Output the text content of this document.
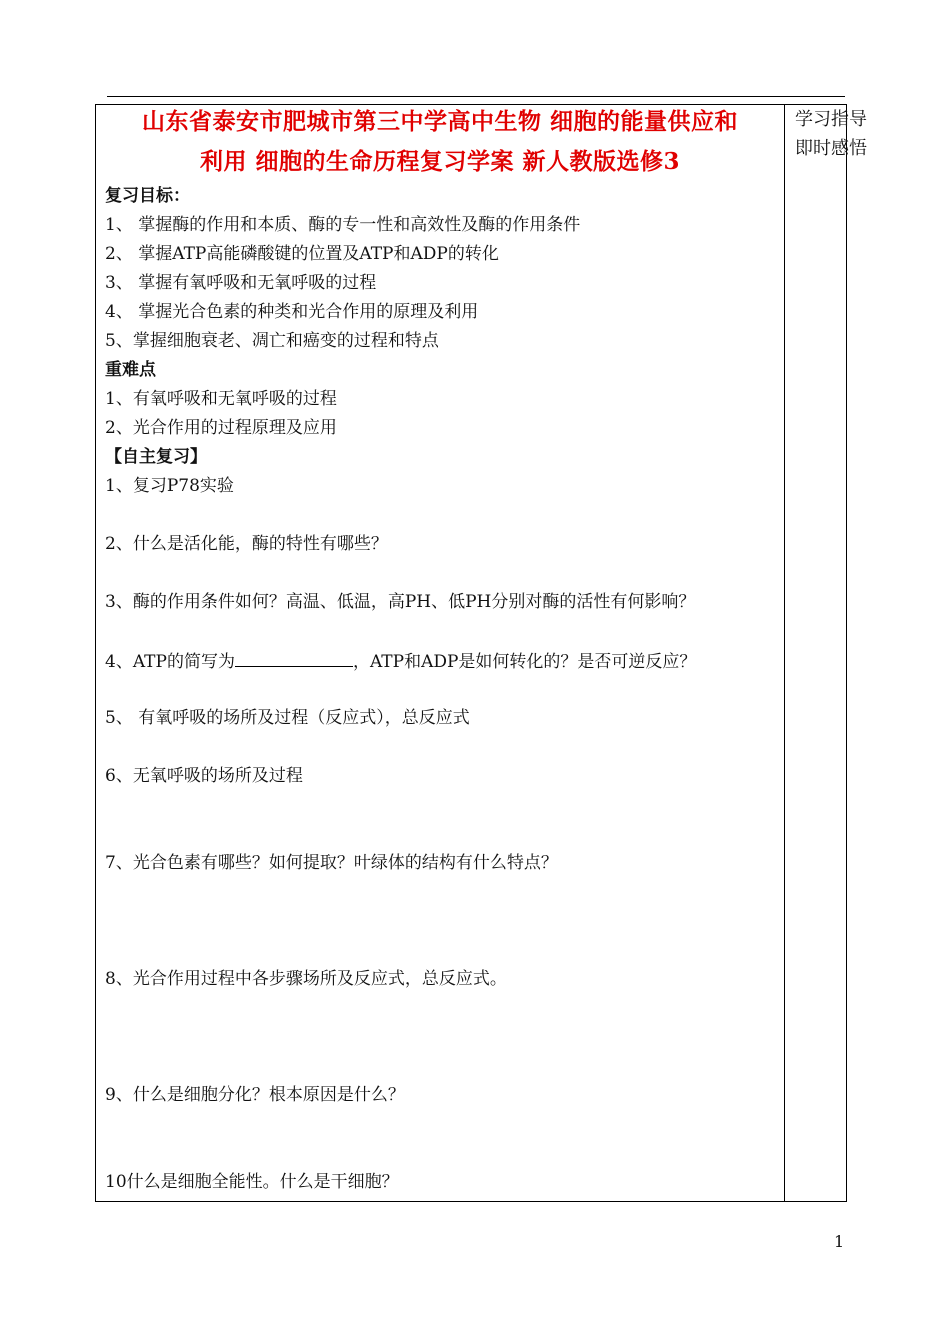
学习指导
即时感悟
山东省泰安市肥城市第三中学高中生物 细胞的能量供应和
利用 细胞的生命历程复习学案 新人教版选修3
复习目标：
1、 掌握酶的作用和本质、酶的专一性和高效性及酶的作用条件
2、 掌握ATP高能磷酸键的位置及ATP和ADP的转化
3、 掌握有氧呼吸和无氧呼吸的过程
4、 掌握光合色素的种类和光合作用的原理及利用
5、掌握细胞衰老、凋亡和癌变的过程和特点
重难点
1、有氧呼吸和无氧呼吸的过程
2、光合作用的过程原理及应用
【自主复习】
1、复习P78实验
2、什么是活化能，酶的特性有哪些？
3、酶的作用条件如何？高温、低温，高PH、低PH分别对酶的活性有何影响？
4、ATP的简写为	，ATP和ADP是如何转化的？是否可逆反应？
5、 有氧呼吸的场所及过程（反应式），总反应式
6、无氧呼吸的场所及过程
7、光合色素有哪些？如何提取？叶绿体的结构有什么特点？
8、光合作用过程中各步骤场所及反应式，总反应式。
9、什么是细胞分化？根本原因是什么？
10什么是细胞全能性。什么是干细胞？
1
